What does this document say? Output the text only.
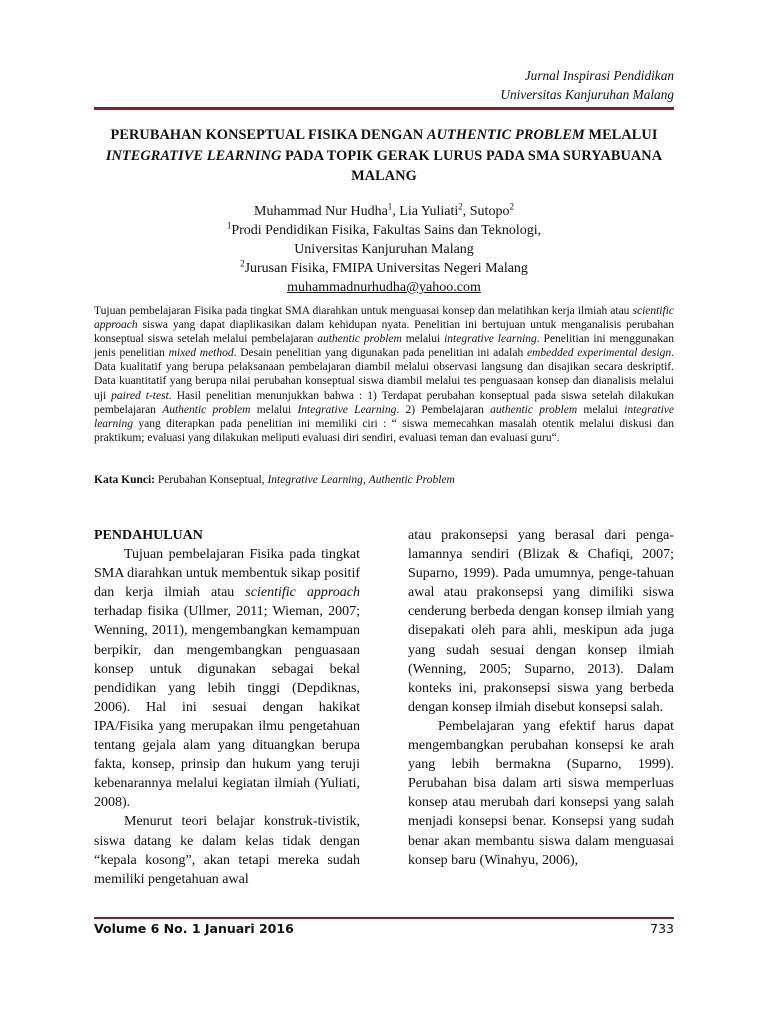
Jurnal Inspirasi Pendidikan
Universitas Kanjuruhan Malang
PERUBAHAN KONSEPTUAL FISIKA DENGAN AUTHENTIC PROBLEM MELALUI INTEGRATIVE LEARNING PADA TOPIK GERAK LURUS PADA SMA SURYABUANA MALANG
Muhammad Nur Hudha$^1$, Lia Yuliati$^2$, Sutopo$^2$
$^1$Prodi Pendidikan Fisika, Fakultas Sains dan Teknologi,
Universitas Kanjuruhan Malang
$^2$Jurusan Fisika, FMIPA Universitas Negeri Malang
muhammadnurhudha@yahoo.com

Tujuan pembelajaran Fisika pada tingkat SMA diarahkan untuk menguasai konsep dan melatihkan kerja ilmiah atau scientific approach siswa yang dapat diaplikasikan dalam kehidupan nyata. Penelitian ini bertujuan untuk menganalisis perubahan konseptual siswa setelah melalui pembelajaran authentic problem melalui integrative learning. Penelitian ini menggunakan jenis penelitian mixed method. Desain penelitian yang digunakan pada penelitian ini adalah embedded experimental design. Data kualitatif yang berupa pelaksanaan pembelajaran diambil melalui observasi langsung dan disajikan secara deskriptif. Data kuantitatif yang berupa nilai perubahan konseptual siswa diambil melalui tes penguasaan konsep dan dianalisis melalui uji paired t-test. Hasil penelitian menunjukkan bahwa : 1) Terdapat perubahan konseptual pada siswa setelah dilakukan pembelajaran Authentic problem melalui Integrative Learning. 2) Pembelajaran authentic problem melalui integrative learning yang diterapkan pada penelitian ini memiliki ciri : “ siswa memecahkan masalah otentik melalui diskusi dan praktikum; evaluasi yang dilakukan meliputi evaluasi diri sendiri, evaluasi teman dan evaluasi guru“.

Kata Kunci: Perubahan Konseptual, Integrative Learning, Authentic Problem

PENDAHULUAN

Tujuan pembelajaran Fisika pada tingkat SMA diarahkan untuk membentuk sikap positif dan kerja ilmiah atau scientific approach terhadap fisika (Ullmer, 2011; Wieman, 2007; Wenning, 2011), mengembangkan kemampuan berpikir, dan mengembangkan penguasaan konsep untuk digunakan sebagai bekal pendidikan yang lebih tinggi (Depdiknas, 2006). Hal ini sesuai dengan hakikat IPA/Fisika yang merupakan ilmu pengetahuan tentang gejala alam yang dituangkan berupa fakta, konsep, prinsip dan hukum yang teruji kebenarannya melalui kegiatan ilmiah (Yuliati, 2008).

Menurut teori belajar konstruk-tivistik, siswa datang ke dalam kelas tidak dengan “kepala kosong”, akan tetapi mereka sudah memiliki pengetahuan awal

atau prakonsepsi yang berasal dari penga-lamannya sendiri (Blizak & Chafiqi, 2007; Suparno, 1999). Pada umumnya, penge-tahuan awal atau prakonsepsi yang dimiliki siswa cenderung berbeda dengan konsep ilmiah yang disepakati oleh para ahli, meskipun ada juga yang sudah sesuai dengan konsep ilmiah (Wenning, 2005; Suparno, 2013). Dalam konteks ini, prakonsepsi siswa yang berbeda dengan konsep ilmiah disebut konsepsi salah.

Pembelajaran yang efektif harus dapat mengembangkan perubahan konsepsi ke arah yang lebih bermakna (Suparno, 1999). Perubahan bisa dalam arti siswa memperluas konsep atau merubah dari konsepsi yang salah menjadi konsepsi benar. Konsepsi yang sudah benar akan membantu siswa dalam menguasai konsep baru (Winahyu, 2006),

Volume 6 No. 1 Januari 2016	733
